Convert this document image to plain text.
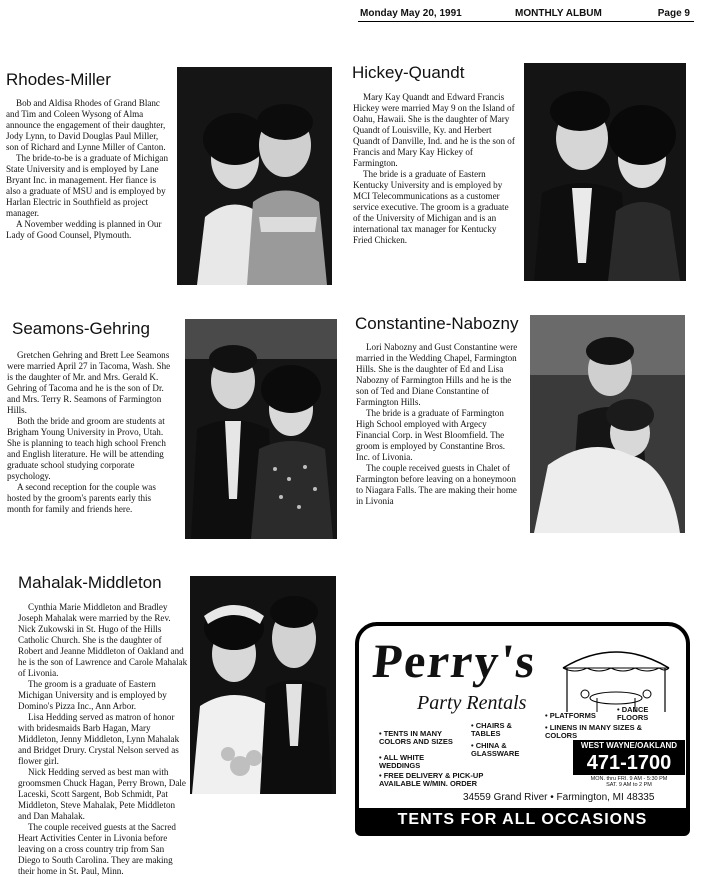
Monday May 20, 1991	MONTHLY ALBUM	Page 9
Rhodes-Miller

Bob and Aldisa Rhodes of Grand Blanc and Tim and Coleen Wysong of Alma announce the engagement of their daughter, Jody Lynn, to David Douglas Paul Miller, son of Richard and Lynne Miller of Canton.

The bride-to-be is a graduate of Michigan State University and is employed by Lane Bryant Inc. in management. Her fiance is also a graduate of MSU and is employed by Harlan Electric in Southfield as project manager.

A November wedding is planned in Our Lady of Good Counsel, Plymouth.

Hickey-Quandt

Mary Kay Quandt and Edward Francis Hickey were married May 9 on the Island of Oahu, Hawaii. She is the daughter of Mary Quandt of Louisville, Ky. and Herbert Quandt of Danville, Ind. and he is the son of Francis and Mary Kay Hickey of Farmington.

The bride is a graduate of Eastern Kentucky University and is employed by MCI Telecommunications as a customer service executive. The groom is a graduate of the University of Michigan and is an international tax manager for Kentucky Fried Chicken.

Seamons-Gehring

Gretchen Gehring and Brett Lee Seamons were married April 27 in Tacoma, Wash. She is the daughter of Mr. and Mrs. Gerald K. Gehring of Tacoma and he is the son of Dr. and Mrs. Terry R. Seamons of Farmington Hills.

Both the bride and groom are students at Brigham Young University in Provo, Utah. She is planning to teach high school French and English literature. He will be attending graduate school studying corporate psychology.

A second reception for the couple was hosted by the groom's parents early this month for family and friends here.

Constantine-Nabozny

Lori Nabozny and Gust Constantine were married in the Wedding Chapel, Farmington Hills. She is the daughter of Ed and Lisa Nabozny of Farmington Hills and he is the son of Ted and Diane Constantine of Farmington Hills.

The bride is a graduate of Farmington High School employed with Argecy Financial Corp. in West Bloomfield. The groom is employed by Constantine Bros. Inc. of Livonia.

The couple received guests in Chalet of Farmington before leaving on a honeymoon to Niagara Falls. The are making their home in Livonia

Mahalak-Middleton

Cynthia Marie Middleton and Bradley Joseph Mahalak were married by the Rev. Nick Zukowski in St. Hugo of the Hills Catholic Church. She is the daughter of Robert and Jeanne Middleton of Oakland and he is the son of Lawrence and Carole Mahalak of Livonia.

The groom is a graduate of Eastern Michigan University and is employed by Domino's Pizza Inc., Ann Arbor.

Lisa Hedding served as matron of honor with bridesmaids Barb Hagan, Mary Middleton, Jenny Middleton, Lynn Mahalak and Bridget Drury. Crystal Nelson served as flower girl.

Nick Hedding served as best man with groomsmen Chuck Hagan, Perry Brown, Dale Laceski, Scott Sargent, Bob Schmidt, Pat Middleton, Steve Mahalak, Pete Middleton and Dan Mahalak.

The couple received guests at the Sacred Heart Activities Center in Livonia before leaving on a cross country trip from San Diego to South Carolina. They are making their home in St. Paul, Minn.

Perry's
Party Rentals
• TENTS IN MANY COLORS AND SIZES
• CHAIRS & TABLES
• CHINA & GLASSWARE
• ALL WHITE WEDDINGS
• FREE DELIVERY & PICK-UP AVAILABLE W/MIN. ORDER
• PLATFORMS
• DANCE FLOORS
• LINENS IN MANY SIZES & COLORS
WEST WAYNE/OAKLAND
471-1700
MON. thru FRI. 9 AM - 5:30 PM
SAT. 9 AM to 2 PM
34559 Grand River • Farmington, MI 48335
TENTS FOR ALL OCCASIONS
